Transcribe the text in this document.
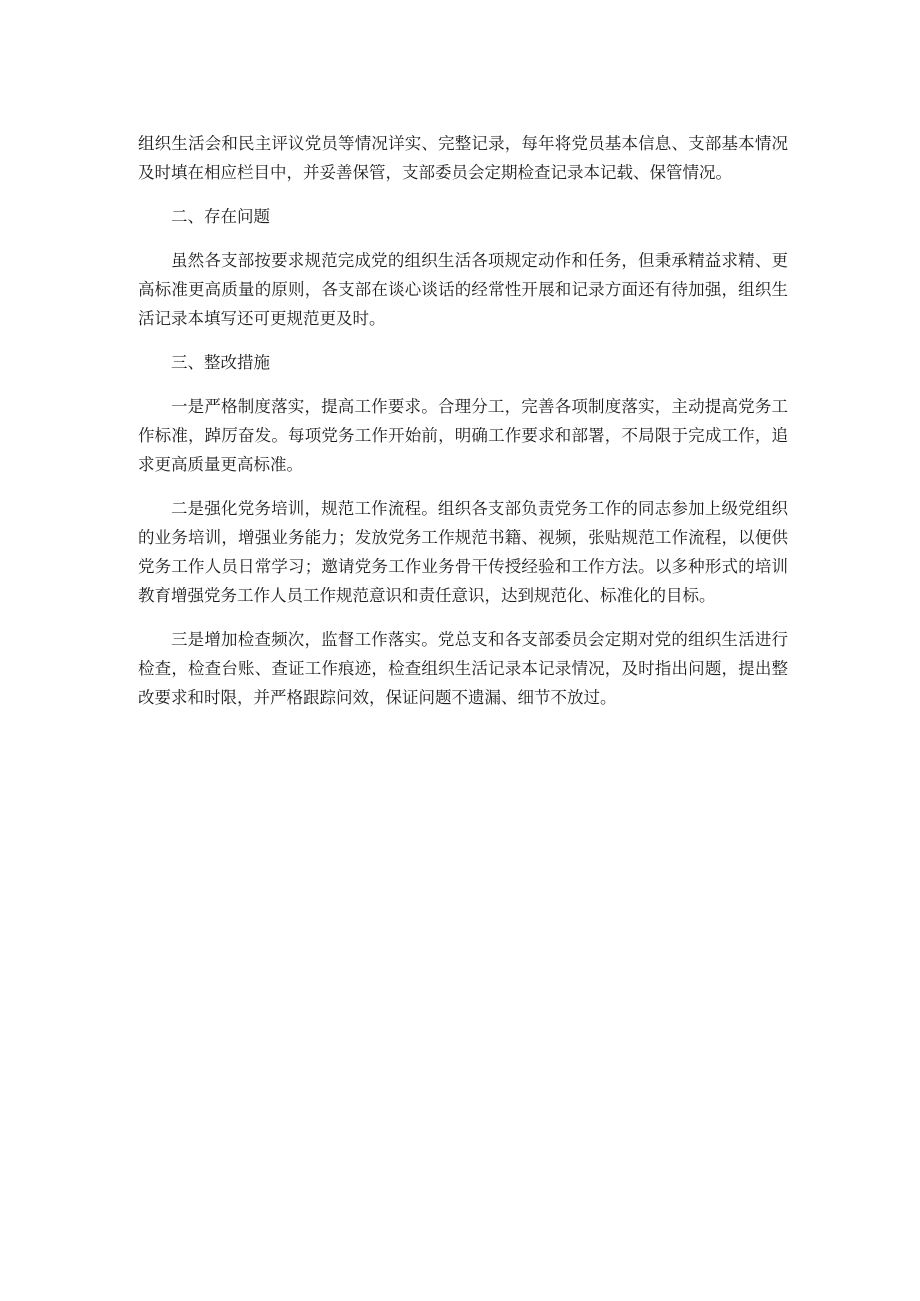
组织生活会和民主评议党员等情况详实、完整记录，每年将党员基本信息、支部基本情况及时填在相应栏目中，并妥善保管，支部委员会定期检查记录本记载、保管情况。

二、存在问题

虽然各支部按要求规范完成党的组织生活各项规定动作和任务，但秉承精益求精、更高标准更高质量的原则，各支部在谈心谈话的经常性开展和记录方面还有待加强，组织生活记录本填写还可更规范更及时。

三、整改措施

一是严格制度落实，提高工作要求。合理分工，完善各项制度落实，主动提高党务工作标准，踔厉奋发。每项党务工作开始前，明确工作要求和部署，不局限于完成工作，追求更高质量更高标准。

二是强化党务培训，规范工作流程。组织各支部负责党务工作的同志参加上级党组织的业务培训，增强业务能力；发放党务工作规范书籍、视频，张贴规范工作流程，以便供党务工作人员日常学习；邀请党务工作业务骨干传授经验和工作方法。以多种形式的培训教育增强党务工作人员工作规范意识和责任意识，达到规范化、标准化的目标。

三是增加检查频次，监督工作落实。党总支和各支部委员会定期对党的组织生活进行检查，检查台账、查证工作痕迹，检查组织生活记录本记录情况，及时指出问题，提出整改要求和时限，并严格跟踪问效，保证问题不遗漏、细节不放过。
